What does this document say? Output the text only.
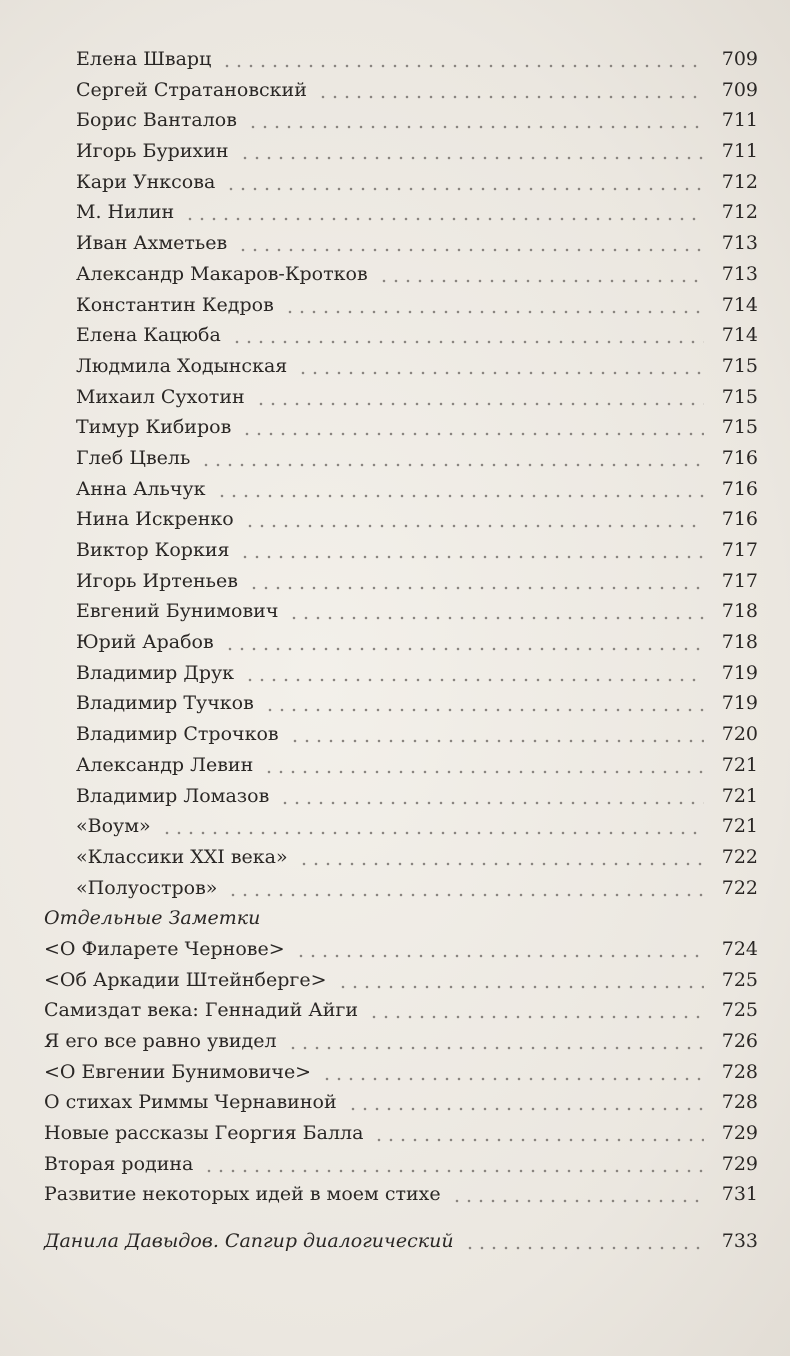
Елена Шварц	709
Сергей Стратановский	709
Борис Ванталов	711
Игорь Бурихин	711
Кари Унксова	712
М. Нилин	712
Иван Ахметьев	713
Александр Макаров-Кротков	713
Константин Кедров	714
Елена Кацюба	714
Людмила Ходынская	715
Михаил Сухотин	715
Тимур Кибиров	715
Глеб Цвель	716
Анна Альчук	716
Нина Искренко	716
Виктор Коркия	717
Игорь Иртеньев	717
Евгений Бунимович	718
Юрий Арабов	718
Владимир Друк	719
Владимир Тучков	719
Владимир Строчков	720
Александр Левин	721
Владимир Ломазов	721
«Воум»	721
«Классики XXI века»	722
«Полуостров»	722
Отдельные Заметки
<О Филарете Чернове>	724
<Об Аркадии Штейнберге>	725
Самиздат века: Геннадий Айги	725
Я его все равно увидел	726
<О Евгении Бунимовиче>	728
О стихах Риммы Чернавиной	728
Новые рассказы Георгия Балла	729
Вторая родина	729
Развитие некоторых идей в моем стихе	731
Данила Давыдов. Сапгир диалогический	733
